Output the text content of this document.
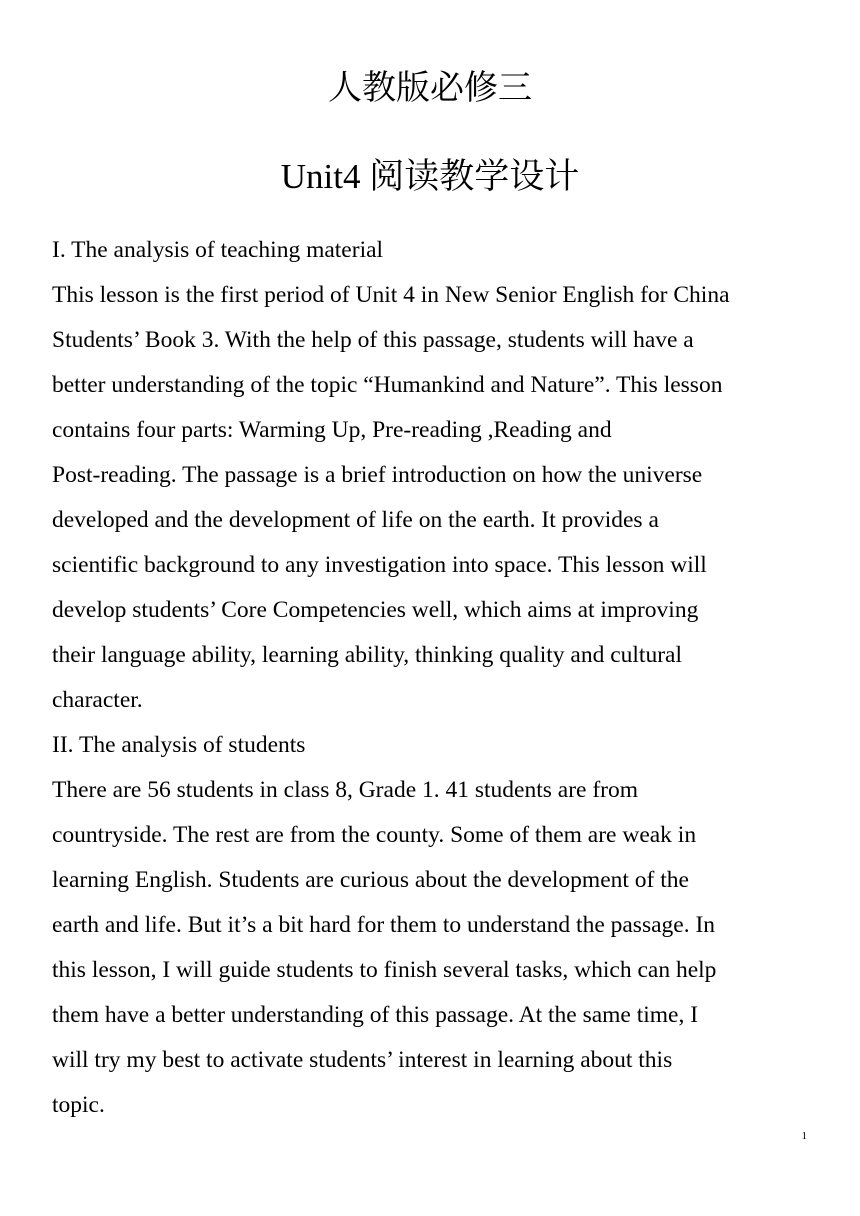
人教版必修三
Unit4 阅读教学设计
I. The analysis of teaching material
This lesson is the first period of Unit 4 in New Senior English for China
Students’ Book 3. With the help of this passage, students will have a
better understanding of the topic “Humankind and Nature”. This lesson
contains four parts: Warming Up, Pre-reading ,Reading and
Post-reading. The passage is a brief introduction on how the universe
developed and the development of life on the earth. It provides a
scientific background to any investigation into space. This lesson will
develop students’ Core Competencies well, which aims at improving
their language ability, learning ability, thinking quality and cultural
character.
II. The analysis of students
There are 56 students in class 8, Grade 1. 41 students are from
countryside. The rest are from the county. Some of them are weak in
learning English. Students are curious about the development of the
earth and life. But it’s a bit hard for them to understand the passage. In
this lesson, I will guide students to finish several tasks, which can help
them have a better understanding of this passage. At the same time, I
will try my best to activate students’ interest in learning about this
topic.
1
